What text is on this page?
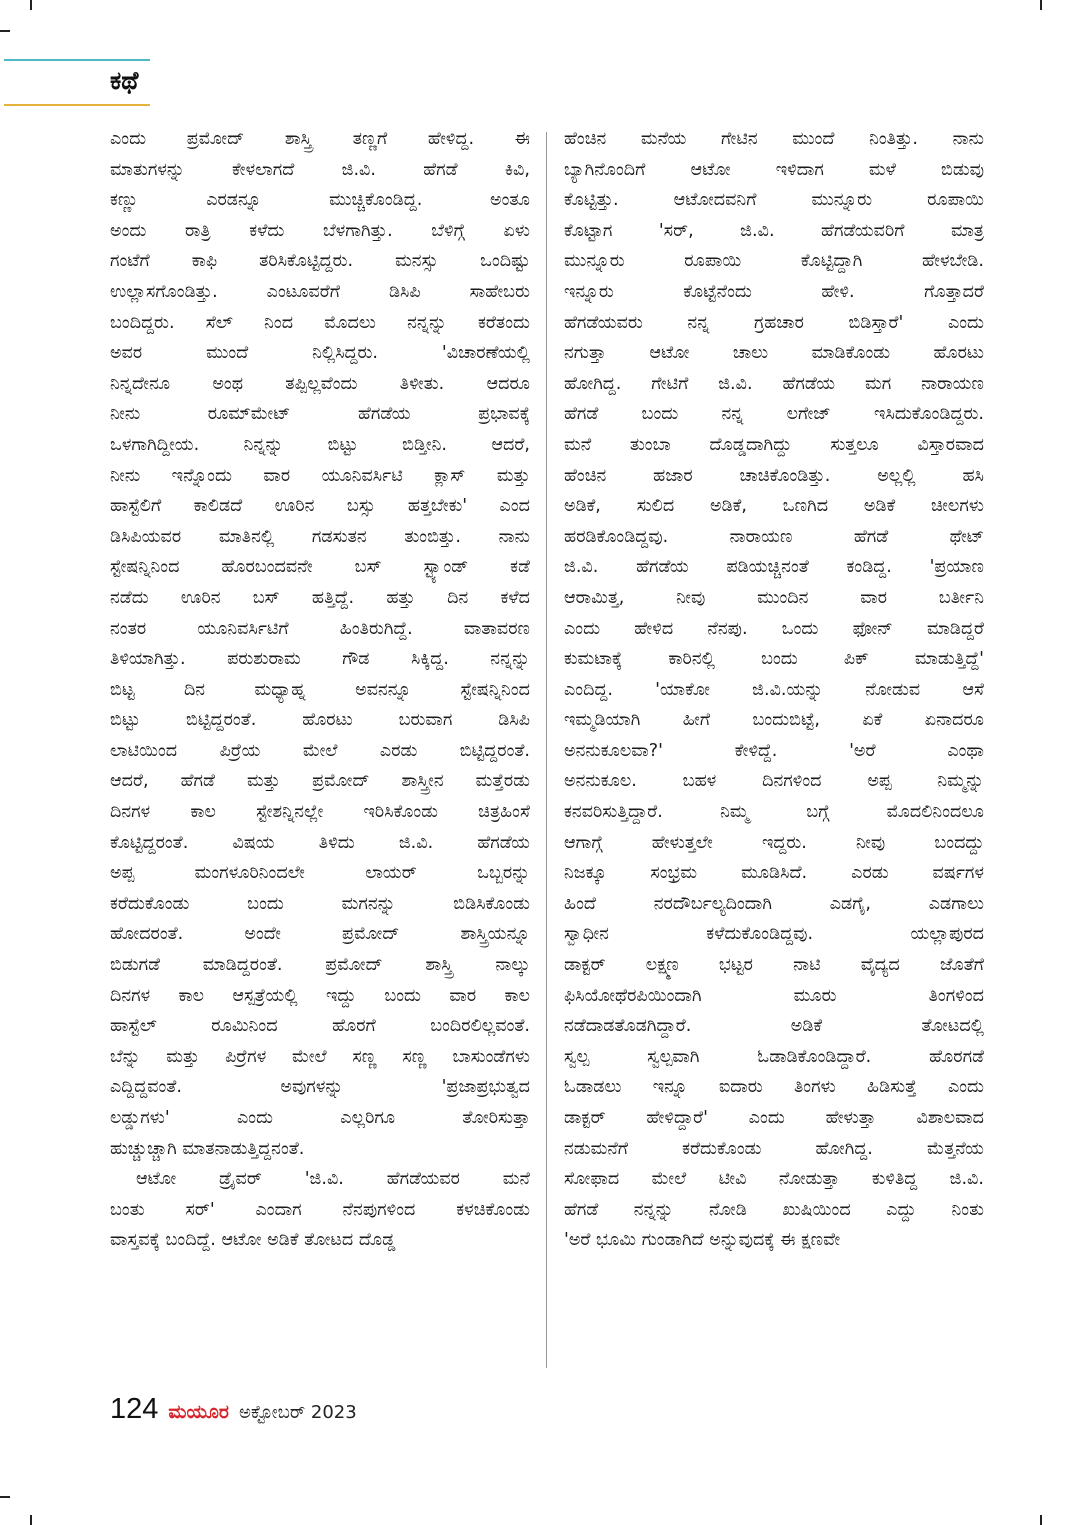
ಕಥೆ
ಎಂದು ಪ್ರಮೋದ್ ಶಾಸ್ತ್ರಿ ತಣ್ಣಗೆ ಹೇಳಿದ್ದ. ಈ
ಮಾತುಗಳನ್ನು ಕೇಳಲಾಗದೆ ಜಿ.ವಿ. ಹೆಗಡೆ ಕಿವಿ,
ಕಣ್ಣು ಎರಡನ್ನೂ ಮುಚ್ಚಿಕೊಂಡಿದ್ದ. ಅಂತೂ
ಅಂದು ರಾತ್ರಿ ಕಳೆದು ಬೆಳಗಾಗಿತ್ತು. ಬೆಳಿಗ್ಗೆ ಏಳು
ಗಂಟೆಗೆ ಕಾಫಿ ತರಿಸಿಕೊಟ್ಟಿದ್ದರು. ಮನಸ್ಸು ಒಂದಿಷ್ಟು
ಉಲ್ಲಾಸಗೊಂಡಿತ್ತು. ಎಂಟೂವರೆಗೆ ಡಿಸಿಪಿ ಸಾಹೇಬರು
ಬಂದಿದ್ದರು. ಸೆಲ್ ನಿಂದ ಮೊದಲು ನನ್ನನ್ನು ಕರೆತಂದು
ಅವರ ಮುಂದೆ ನಿಲ್ಲಿಸಿದ್ದರು. 'ವಿಚಾರಣೆಯಲ್ಲಿ
ನಿನ್ನದೇನೂ ಅಂಥ ತಪ್ಪಿಲ್ಲವೆಂದು ತಿಳೀತು. ಆದರೂ
ನೀನು ರೂಮ್‌ಮೇಟ್ ಹೆಗಡೆಯ ಪ್ರಭಾವಕ್ಕೆ
ಒಳಗಾಗಿದ್ದೀಯ. ನಿನ್ನನ್ನು ಬಿಟ್ಟು ಬಿಡ್ತೀನಿ. ಆದರೆ,
ನೀನು ಇನ್ನೊಂದು ವಾರ ಯೂನಿವರ್ಸಿಟಿ ಕ್ಲಾಸ್ ಮತ್ತು
ಹಾಸ್ಟೆಲಿಗೆ ಕಾಲಿಡದೆ ಊರಿನ ಬಸ್ಸು ಹತ್ತಬೇಕು' ಎಂದ
ಡಿಸಿಪಿಯವರ ಮಾತಿನಲ್ಲಿ ಗಡಸುತನ ತುಂಬಿತ್ತು. ನಾನು
ಸ್ಟೇಷನ್ನಿನಿಂದ ಹೊರಬಂದವನೇ ಬಸ್ ಸ್ಟ್ಯಾಂಡ್ ಕಡೆ
ನಡೆದು ಊರಿನ ಬಸ್ ಹತ್ತಿದ್ದೆ. ಹತ್ತು ದಿನ ಕಳೆದ
ನಂತರ ಯೂನಿವರ್ಸಿಟಿಗೆ ಹಿಂತಿರುಗಿದ್ದೆ. ವಾತಾವರಣ
ತಿಳಿಯಾಗಿತ್ತು. ಪರುಶುರಾಮ ಗೌಡ ಸಿಕ್ಕಿದ್ದ. ನನ್ನನ್ನು
ಬಿಟ್ಟ ದಿನ ಮಧ್ಯಾಹ್ನ ಅವನನ್ನೂ ಸ್ಟೇಷನ್ನಿನಿಂದ
ಬಿಟ್ಟು ಬಿಟ್ಟಿದ್ದರಂತೆ. ಹೊರಟು ಬರುವಾಗ ಡಿಸಿಪಿ
ಲಾಟಿಯಿಂದ ಪಿರ್‍ರೆಯ ಮೇಲೆ ಎರಡು ಬಿಟ್ಟಿದ್ದರಂತೆ.
ಆದರೆ, ಹೆಗಡೆ ಮತ್ತು ಪ್ರಮೋದ್ ಶಾಸ್ತ್ರೀನ ಮತ್ತೆರಡು
ದಿನಗಳ ಕಾಲ ಸ್ಟೇಶನ್ನಿನಲ್ಲೇ ಇರಿಸಿಕೊಂಡು ಚಿತ್ರಹಿಂಸೆ
ಕೊಟ್ಟಿದ್ದರಂತೆ. ವಿಷಯ ತಿಳಿದು ಜಿ.ವಿ. ಹೆಗಡೆಯ
ಅಪ್ಪ ಮಂಗಳೂರಿನಿಂದಲೇ ಲಾಯರ್ ಒಬ್ಬರನ್ನು
ಕರೆದುಕೊಂಡು ಬಂದು ಮಗನನ್ನು ಬಿಡಿಸಿಕೊಂಡು
ಹೋದರಂತೆ. ಅಂದೇ ಪ್ರಮೋದ್ ಶಾಸ್ತ್ರಿಯನ್ನೂ
ಬಿಡುಗಡೆ ಮಾಡಿದ್ದರಂತೆ. ಪ್ರಮೋದ್ ಶಾಸ್ತ್ರಿ ನಾಲ್ಕು
ದಿನಗಳ ಕಾಲ ಆಸ್ಪತ್ರೆಯಲ್ಲಿ ಇದ್ದು ಬಂದು ವಾರ ಕಾಲ
ಹಾಸ್ಟೆಲ್ ರೂಮಿನಿಂದ ಹೊರಗೆ ಬಂದಿರಲಿಲ್ಲವಂತೆ.
ಬೆನ್ನು ಮತ್ತು ಪಿರ್‍ರೆಗಳ ಮೇಲೆ ಸಣ್ಣ ಸಣ್ಣ ಬಾಸುಂಡೆಗಳು
ಎದ್ದಿದ್ದವಂತೆ. ಅವುಗಳನ್ನು 'ಪ್ರಜಾಪ್ರಭುತ್ವದ
ಲಡ್ಡುಗಳು' ಎಂದು ಎಲ್ಲರಿಗೂ ತೋರಿಸುತ್ತಾ
ಹುಚ್ಚುಚ್ಚಾಗಿ ಮಾತನಾಡುತ್ತಿದ್ದನಂತೆ.
ಆಟೋ ಡ್ರೈವರ್ 'ಜಿ.ವಿ. ಹೆಗಡೆಯವರ ಮನೆ
ಬಂತು ಸರ್' ಎಂದಾಗ ನೆನಪುಗಳಿಂದ ಕಳಚಿಕೊಂಡು
ವಾಸ್ತವಕ್ಕೆ ಬಂದಿದ್ದೆ. ಆಟೋ ಅಡಿಕೆ ತೋಟದ ದೊಡ್ಡ
ಹೆಂಚಿನ ಮನೆಯ ಗೇಟಿನ ಮುಂದೆ ನಿಂತಿತ್ತು. ನಾನು
ಬ್ಯಾಗಿನೊಂದಿಗೆ ಆಟೋ ಇಳಿದಾಗ ಮಳೆ ಬಿಡುವು
ಕೊಟ್ಟಿತ್ತು. ಆಟೋದವನಿಗೆ ಮುನ್ನೂರು ರೂಪಾಯಿ
ಕೊಟ್ಟಾಗ 'ಸರ್, ಜಿ.ವಿ. ಹೆಗಡೆಯವರಿಗೆ ಮಾತ್ರ
ಮುನ್ನೂರು ರೂಪಾಯಿ ಕೊಟ್ಟಿದ್ದಾಗಿ ಹೇಳಬೇಡಿ.
ಇನ್ನೂರು ಕೊಟ್ಟೆನೆಂದು ಹೇಳಿ. ಗೊತ್ತಾದರೆ
ಹೆಗಡೆಯವರು ನನ್ನ ಗ್ರಹಚಾರ ಬಿಡಿಸ್ತಾರೆ' ಎಂದು
ನಗುತ್ತಾ ಆಟೋ ಚಾಲು ಮಾಡಿಕೊಂಡು ಹೊರಟು
ಹೋಗಿದ್ದ. ಗೇಟಿಗೆ ಜಿ.ವಿ. ಹೆಗಡೆಯ ಮಗ ನಾರಾಯಣ
ಹೆಗಡೆ ಬಂದು ನನ್ನ ಲಗೇಜ್ ಇಸಿದುಕೊಂಡಿದ್ದರು.
ಮನೆ ತುಂಬಾ ದೊಡ್ಡದಾಗಿದ್ದು ಸುತ್ತಲೂ ವಿಸ್ತಾರವಾದ
ಹೆಂಚಿನ ಹಜಾರ ಚಾಚಿಕೊಂಡಿತ್ತು. ಅಲ್ಲಲ್ಲಿ ಹಸಿ
ಅಡಿಕೆ, ಸುಲಿದ ಅಡಿಕೆ, ಒಣಗಿದ ಅಡಿಕೆ ಚೀಲಗಳು
ಹರಡಿಕೊಂಡಿದ್ದವು. ನಾರಾಯಣ ಹೆಗಡೆ ಥೇಟ್
ಜಿ.ವಿ. ಹೆಗಡೆಯ ಪಡಿಯಚ್ಚಿನಂತೆ ಕಂಡಿದ್ದ. 'ಪ್ರಯಾಣ
ಆರಾಮಿತ್ತ, ನೀವು ಮುಂದಿನ ವಾರ ಬರ್ತೀನಿ
ಎಂದು ಹೇಳಿದ ನೆನಪು. ಒಂದು ಫೋನ್ ಮಾಡಿದ್ದರೆ
ಕುಮಟಾಕ್ಕೆ ಕಾರಿನಲ್ಲಿ ಬಂದು ಪಿಕ್ ಮಾಡುತ್ತಿದ್ದೆ'
ಎಂದಿದ್ದ. 'ಯಾಕೋ ಜಿ.ವಿ.ಯನ್ನು ನೋಡುವ ಆಸೆ
ಇಮ್ಮಡಿಯಾಗಿ ಹೀಗೆ ಬಂದುಬಿಟ್ಟೆ, ಏಕೆ ಏನಾದರೂ
ಅನನುಕೂಲವಾ?' ಕೇಳಿದ್ದೆ. 'ಅರೆ ಎಂಥಾ
ಅನನುಕೂಲ. ಬಹಳ ದಿನಗಳಿಂದ ಅಪ್ಪ ನಿಮ್ಮನ್ನು
ಕನವರಿಸುತ್ತಿದ್ದಾರೆ. ನಿಮ್ಮ ಬಗ್ಗೆ ಮೊದಲಿನಿಂದಲೂ
ಆಗಾಗ್ಗೆ ಹೇಳುತ್ತಲೇ ಇದ್ದರು. ನೀವು ಬಂದದ್ದು
ನಿಜಕ್ಕೂ ಸಂಭ್ರಮ ಮೂಡಿಸಿದೆ. ಎರಡು ವರ್ಷಗಳ
ಹಿಂದೆ ನರದೌರ್ಬಲ್ಯದಿಂದಾಗಿ ಎಡಗೈ, ಎಡಗಾಲು
ಸ್ವಾಧೀನ ಕಳೆದುಕೊಂಡಿದ್ದವು. ಯಲ್ಲಾಪುರದ
ಡಾಕ್ಟರ್ ಲಕ್ಷ್ಮಣ ಭಟ್ಟರ ನಾಟಿ ವೈದ್ಯದ ಜೊತೆಗೆ
ಫಿಸಿಯೋಥೆರಪಿಯಿಂದಾಗಿ ಮೂರು ತಿಂಗಳಿಂದ
ನಡೆದಾಡತೊಡಗಿದ್ದಾರೆ. ಅಡಿಕೆ ತೋಟದಲ್ಲಿ
ಸ್ವಲ್ಪ ಸ್ವಲ್ಪವಾಗಿ ಓಡಾಡಿಕೊಂಡಿದ್ದಾರೆ. ಹೊರಗಡೆ
ಓಡಾಡಲು ಇನ್ನೂ ಐದಾರು ತಿಂಗಳು ಹಿಡಿಸುತ್ತೆ ಎಂದು
ಡಾಕ್ಟರ್ ಹೇಳಿದ್ದಾರೆ' ಎಂದು ಹೇಳುತ್ತಾ ವಿಶಾಲವಾದ
ನಡುಮನೆಗೆ ಕರೆದುಕೊಂಡು ಹೋಗಿದ್ದ. ಮೆತ್ತನೆಯ
ಸೋಫಾದ ಮೇಲೆ ಟೀವಿ ನೋಡುತ್ತಾ ಕುಳಿತಿದ್ದ ಜಿ.ವಿ.
ಹೆಗಡೆ ನನ್ನನ್ನು ನೋಡಿ ಖುಷಿಯಿಂದ ಎದ್ದು ನಿಂತು
'ಅರೆ ಭೂಮಿ ಗುಂಡಾಗಿದೆ ಅನ್ನುವುದಕ್ಕೆ ಈ ಕ್ಷಣವೇ
124 ಮಯೂರ ಅಕ್ಟೋಬರ್ 2023
